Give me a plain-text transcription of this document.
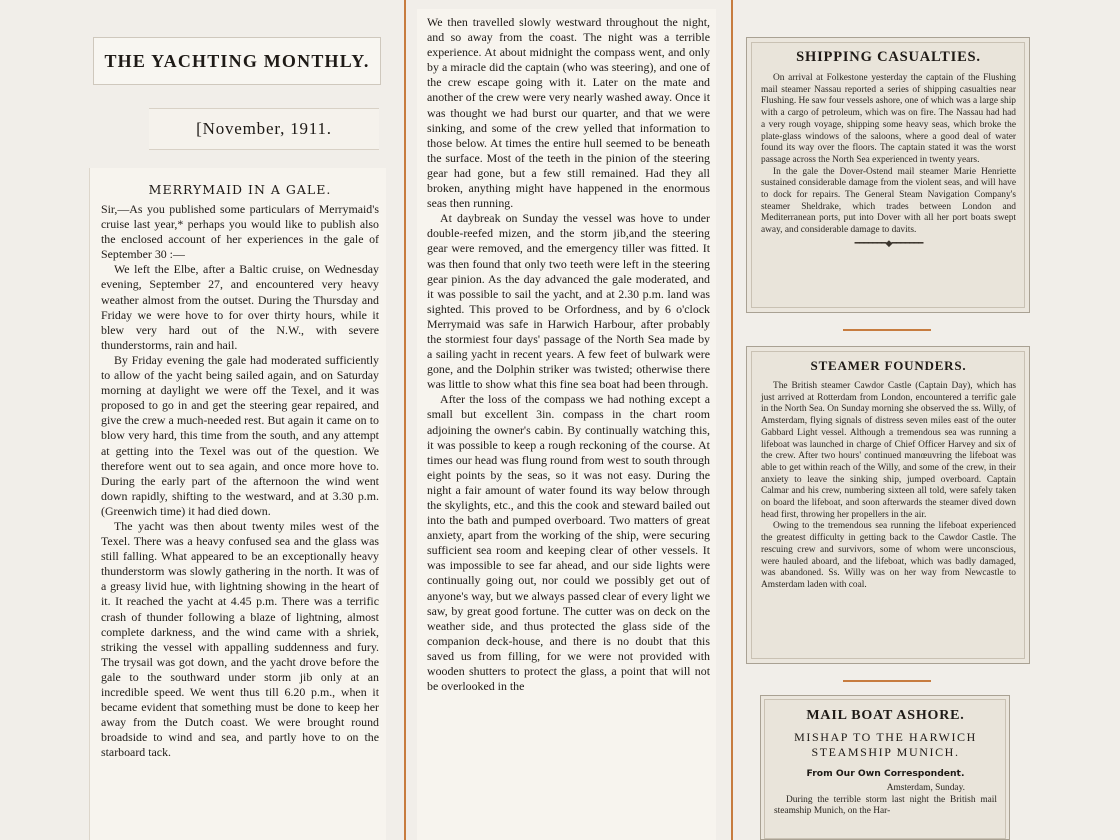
THE YACHTING MONTHLY.
[November, 1911.
MERRYMAID IN A GALE.

Sir,—As you published some particulars of Merrymaid's cruise last year,* perhaps you would like to publish also the enclosed account of her experiences in the gale of September 30 :—

We left the Elbe, after a Baltic cruise, on Wednesday evening, September 27, and encountered very heavy weather almost from the outset. During the Thursday and Friday we were hove to for over thirty hours, while it blew very hard out of the N.W., with severe thunderstorms, rain and hail.

By Friday evening the gale had moderated sufficiently to allow of the yacht being sailed again, and on Saturday morning at daylight we were off the Texel, and it was proposed to go in and get the steering gear repaired, and give the crew a much-needed rest. But again it came on to blow very hard, this time from the south, and any attempt at getting into the Texel was out of the question. We therefore went out to sea again, and once more hove to. During the early part of the afternoon the wind went down rapidly, shifting to the westward, and at 3.30 p.m. (Greenwich time) it had died down.

The yacht was then about twenty miles west of the Texel. There was a heavy confused sea and the glass was still falling. What appeared to be an exceptionally heavy thunderstorm was slowly gathering in the north. It was of a greasy livid hue, with lightning showing in the heart of it. It reached the yacht at 4.45 p.m. There was a terrific crash of thunder following a blaze of lightning, almost complete darkness, and the wind came with a shriek, striking the vessel with appalling suddenness and fury. The trysail was got down, and the yacht drove before the gale to the southward under storm jib only at an incredible speed. We went thus till 6.20 p.m., when it became evident that something must be done to keep her away from the Dutch coast. We were brought round broadside to wind and sea, and partly hove to on the starboard tack.

We then travelled slowly westward throughout the night, and so away from the coast. The night was a terrible experience. At about midnight the compass went, and only by a miracle did the captain (who was steering), and one of the crew escape going with it. Later on the mate and another of the crew were very nearly washed away. Once it was thought we had burst our quarter, and that we were sinking, and some of the crew yelled that information to those below. At times the entire hull seemed to be beneath the surface. Most of the teeth in the pinion of the steering gear had gone, but a few still remained. Had they all broken, anything might have happened in the enormous seas then running.

At daybreak on Sunday the vessel was hove to under double-reefed mizen, and the storm jib,and the steering gear were removed, and the emergency tiller was fitted. It was then found that only two teeth were left in the steering gear pinion. As the day advanced the gale moderated, and it was possible to sail the yacht, and at 2.30 p.m. land was sighted. This proved to be Orfordness, and by 6 o'clock Merrymaid was safe in Harwich Harbour, after probably the stormiest four days' passage of the North Sea made by a sailing yacht in recent years. A few feet of bulwark were gone, and the Dolphin striker was twisted; otherwise there was little to show what this fine sea boat had been through.

After the loss of the compass we had nothing except a small but excellent 3in. compass in the chart room adjoining the owner's cabin. By continually watching this, it was possible to keep a rough reckoning of the course. At times our head was flung round from west to south through eight points by the seas, so it was not easy. During the night a fair amount of water found its way below through the skylights, etc., and this the cook and steward bailed out into the bath and pumped overboard. Two matters of great anxiety, apart from the working of the ship, were securing sufficient sea room and keeping clear of other vessels. It was impossible to see far ahead, and our side lights were continually going out, nor could we possibly get out of anyone's way, but we always passed clear of every light we saw, by great good fortune. The cutter was on deck on the weather side, and thus protected the glass side of the companion deck-house, and there is no doubt that this saved us from filling, for we were not provided with wooden shutters to protect the glass, a point that will not be overlooked in the

SHIPPING CASUALTIES.

On arrival at Folkestone yesterday the captain of the Flushing mail steamer Nassau reported a series of shipping casualties near Flushing. He saw four vessels ashore, one of which was a large ship with a cargo of petroleum, which was on fire. The Nassau had had a very rough voyage, shipping some heavy seas, which broke the plate-glass windows of the saloons, where a good deal of water found its way over the floors. The captain stated it was the worst passage across the North Sea experienced in twenty years.

In the gale the Dover-Ostend mail steamer Marie Henriette sustained considerable damage from the violent seas, and will have to dock for repairs. The General Steam Navigation Company's steamer Sheldrake, which trades between London and Mediterranean ports, put into Dover with all her port boats swept away, and considerable damage to davits.

━━━━━━━◆━━━━━━━
STEAMER FOUNDERS.

The British steamer Cawdor Castle (Captain Day), which has just arrived at Rotterdam from London, encountered a terrific gale in the North Sea. On Sunday morning she observed the ss. Willy, of Amsterdam, flying signals of distress seven miles east of the outer Gabbard Light vessel. Although a tremendous sea was running a lifeboat was launched in charge of Chief Officer Harvey and six of the crew. After two hours' continued manœuvring the lifeboat was able to get within reach of the Willy, and some of the crew, in their anxiety to leave the sinking ship, jumped overboard. Captain Calmar and his crew, numbering sixteen all told, were safely taken on board the lifeboat, and soon afterwards the steamer dived down head first, throwing her propellers in the air.

Owing to the tremendous sea running the lifeboat experienced the greatest difficulty in getting back to the Cawdor Castle. The rescuing crew and survivors, some of whom were unconscious, were hauled aboard, and the lifeboat, which was badly damaged, was abandoned. Ss. Willy was on her way from Newcastle to Amsterdam laden with coal.

MAIL BOAT ASHORE.
MISHAP TO THE HARWICH STEAMSHIP MUNICH.
From Our Own Correspondent.
Amsterdam, Sunday.

During the terrible storm last night the British mail steamship Munich, on the Har-
